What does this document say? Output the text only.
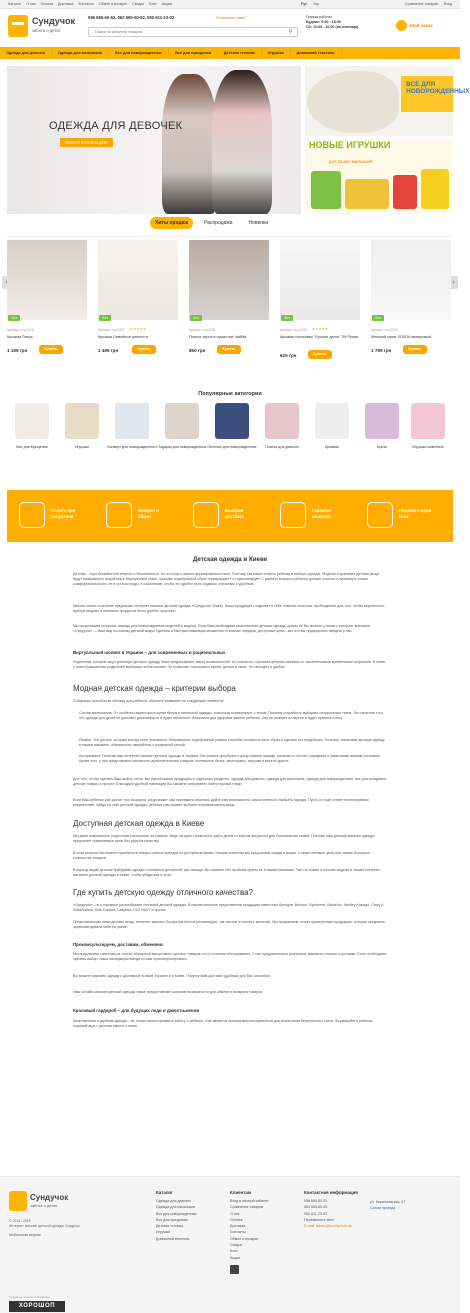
Каталог О нас Оплата Доставка Контакты Обмен и возврат Скидки Блог Акции	Рус Укр	Сравнение товаров Вход
Сундучок
забота о детях
096 565-60-52, 063 565-60-52, 050 611-23-02	Позвонить вам?
Поиск по каталогу товаров
⚲
График работы:
Будние: 9:00 - 18:30
Сб: 10:00 - 16:00 (пн-пятница)	Мой заказ
Одежда для девочек	Одежда для мальчиков	Все для новорожденных	Все для праздника	Детская техника	Игрушки	Домашний текстиль
ОДЕЖДА ДЛЯ ДЕВОЧЕК
НОВАЯ КОЛЛЕКЦИЯ!
ВСЁ ДЛЯ НОВОРОЖДЕННЫХ
НОВЫЕ ИГРУШКИ
для ваших малышей!
Хиты продаж	Распродажа	Новинки
›
Хит
Артикул: стр-2226
Крыжма Птица
1 199 грн	Купить
Хит
Артикул: стр-2227 ★★★★★
Крыжма Семейные ценности
1 499 грн	Купить
Хит
Артикул: стр-2231
Платье серое в пушистые ЧайМя
850 грн	Купить
Хит
Артикул: стр-2233 ★★★★★
Крыжма хлопковая "Лучшие детки" ТМ Руана
625 грн	Купить
Хит
Артикул: стр-2234
Женский халат ЗОЛОА велюровый
1 799 грн	Купить
Популярные категории
Все для Крещения	Игрушки	Конверт для новорожденного Подарки для новорожденных Пеленки для новорожденных	Платья для девочек	Крыжмы	Куклы	Игрушки животные
Оплата при получении
Возврат и обмен
Быстрая доставка
Гарантия качества
Покупка в один клик
Детская одежда в Киеве

Детство - пора беззаботной энергии и безопасности. Но это еще и время формирования стиля. Поэтому так важно помочь ребенку в выборе одежды. Модные и красивые детские вещи будут возможность выработать безупречный стиль. Красиво подобранный образ «превращает» и гармонизирует. С раннего возраста ребенок должен учиться к лучшему и только комфортабельности, не в остатки моды. К сожалению, чтобы это удобно быть модным, стильным и удобным.

Именно такое сочетание предлагает интернет магазин детской одежды «Сундучок» (Киев). Наша продукция соединяет в себе главные качества, необходимые для того, чтобы вероятность выбора модных и стильных продуктов было удобно, красочно.

Мы продолжаем стильные наряды для новорожденных моделей и модниц. Если Вам необходима качественная детская одежда, купить ее Вы можете у нашего интернет-магазина «Сундучок» — Ваш вид по-новому детской моды! Удобная и быстрая навигация множество стильных нарядов, доступные цены - все это вы традиционно найдете у нас.

Виртуальный шопинг в Украине – для современных и рациональных

Родителям, которые ищут красивую детскую одежду, Киев предоставляет массу возможностей. Но поиски по торговым центрам связаны со значительными временными затратами. В связи с этим большинство родителей выбирают online-шопинг. Он позволяет сэкономить время, деньги и силы. Это выгодно и удобно.

Модная детская одежда – критерии выбора

Собираясь приобрести обновку для ребенка, обратите внимание на следующие элементы:

Состав материалов. От особенно важен при покупке белья и нательной одежды, поскольку контактирует с телом. Поэтому старайтесь выбирать натуральные ткани. Это гарантия того, что одежда для детей не доставит дискомфорта и будет абсолютно безопасна для здоровья вашего ребенка. Она не вызовет аллергии и будет приятна к телу.
Размер. Это деталь, которую всегда стоит учитывать. Неправильно подобранный размер способен испортить весь образ и сделать его неудобным. Поэтому, заказывая детскую одежду в нашем магазине, обязательно сверяйтесь с размерной сеткой.
Ассортимент. Посетив наш интернет магазин детской одежды в Украине, Вы можете приобрести сразу разные наряды, начиная от летнего сарафана и заканчивая зимним костюмом. Кроме того, у нас представлено множество дополнительных товаров: постельное белье, аксессуары, игрушки и многое другое.

Для того, чтобы сделать Ваш выбор легче, мы расположили продукцию в отдельных разделах: одежда для девочек, одежда для мальчиков, одежда для новорожденных, все для праздника, детские товары и прочее. Благодаря удобной навигации Вы сможете оперативно найти нужный товар.

Если Ваш ребенок уже достиг того возраста, когда может сам принимать решения, дайте ему возможность самостоятельно выбрать наряды. Пусть он тоже станет полноправным покупателем. Зайдя на сайт детской одежды, ребенок сам сможет выбрать понравившуюся вещь.

Доступная детская одежда в Киеве

Мы даем возможность родителям сэкономить на покупке. Ведь сегодня стремление одеть детей со вкусом актуально для большинства семей. Поэтому наш детский магазин одежды предлагает приемлемые цены без ущерба качеству.

В этом вопросе Вы можете приобрести товары разных брендов по доступным ценам. Нашим клиентам мы предлагаем скидки и акции, а также оптовые цены при заказе большого количества товаров.

В период акций детская брендовая одежда становится доступной, как никогда. Вы сможете без проблем купить ее в нашем магазине. Так что новые и лучшие модели в нашем интернет-магазине детской одежды в Киеве, чтобы убедиться в этом.

Где купить детскую одежду отличного качества?

«Сундучок» – это огромное разнообразие стильной детской одежды. В нашем каталоге представлена продукция известных брендов: Bebeps, Gymboree, Babal,inc, Medley Kazaqui, Crazy 8, SofiaShelest, Kids Couture, Ladybird, OLD NAVY и прочих.

Представленные нами детские вещи, интернет магазин Sundychok.kiev.ua рекомендует, так как они отличного качества. Мы предлагаем только проверенную продукцию, которая прекрасно зарекомендовала себя на рынке.

Прокомсультируем, доставим, обменяем

Мы предлагаем клиентам не только обширный ассортимент детских товаров, но и отличное обслуживание. У нас предусмотрены различные варианты оплаты и доставки. Если необходимо сделать выбор, наши менеджеры всегда готовы проконсультировать.

Вы можете заказать одежду с доставкой по всей Украине и в Киеве. Покупку Вам доставят удобным для Вас способом.

Наш онлайн-магазин детской одежды также предоставляет широкие возможности для обмена и возврата товаров.

Красивый гардероб – для будущих леди и джентльменов

Качественная и удобная одежда – не только важно проявить заботу о ребенке. Она является прекрасным инструментом для воспитания безупречного стиля. Формируйте в ребенке хороший вкус с детства вместе с нами.

Сундучок
забота о детях
© 2013 - 2019
Интернет магазин детской одежды Сундучок
Мобильная версия
Каталог
Одежда для девочек
Одежда для мальчиков
Все для новорожденных
Все для праздника
Детская техника
Игрушки
Домашний текстиль
Клиентам
Вход в личный кабинет
Сравнение товаров
О нас
Оплата
Доставка
Контакты
Обмен и возврат
Скидки
Блог
Акции
Контактная информация
096 565-60-52
063 565-60-52
050 611-23-02
Перезвоните мне!
E-mail: admin@sundychok.ua
ул. Кирилловская, 47
Схема проезда
Создание интернет-магазина
ХОРОШОП
